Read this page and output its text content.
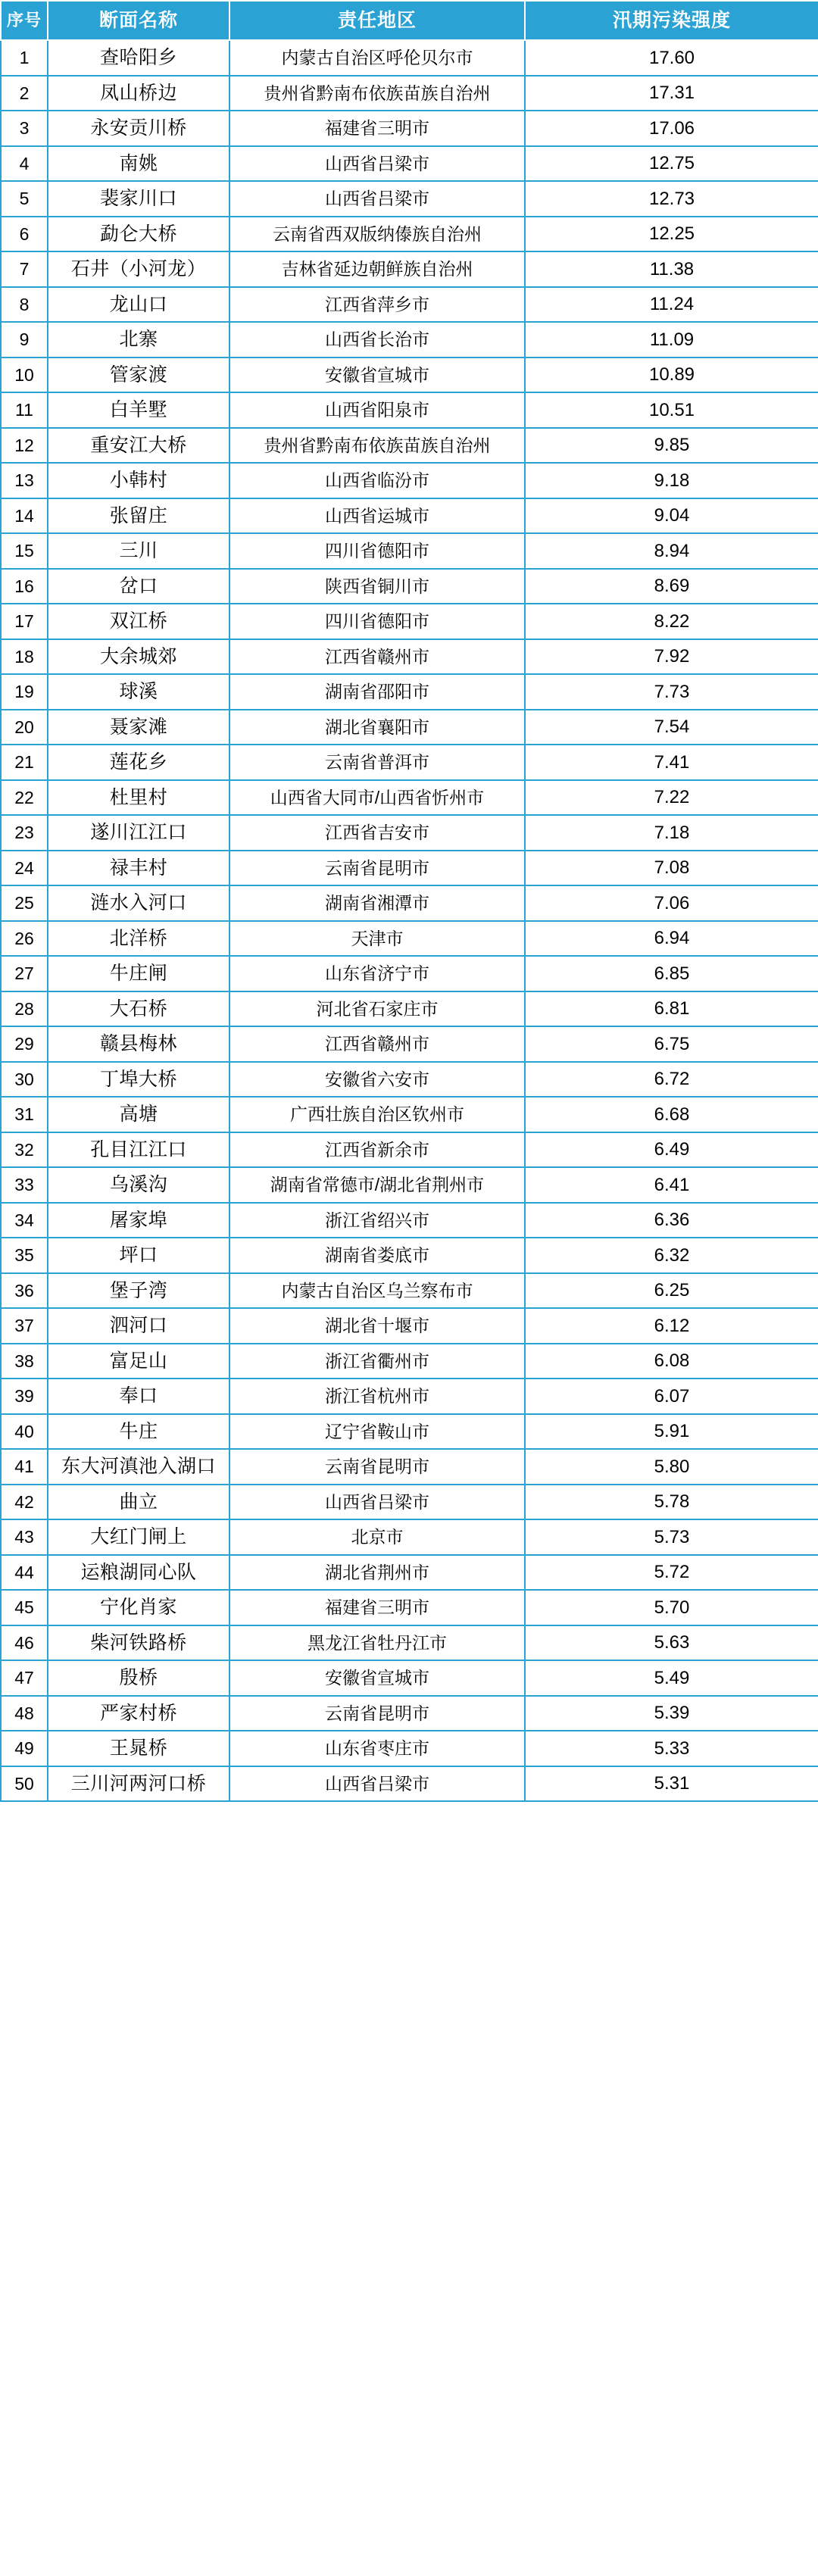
序号	断面名称	责任地区	汛期污染强度
1	查哈阳乡	内蒙古自治区呼伦贝尔市	17.60
2	凤山桥边	贵州省黔南布依族苗族自治州	17.31
3	永安贡川桥	福建省三明市	17.06
4	南姚	山西省吕梁市	12.75
5	裴家川口	山西省吕梁市	12.73
6	勐仑大桥	云南省西双版纳傣族自治州	12.25
7	石井（小河龙）	吉林省延边朝鲜族自治州	11.38
8	龙山口	江西省萍乡市	11.24
9	北寨	山西省长治市	11.09
10	管家渡	安徽省宣城市	10.89
11	白羊墅	山西省阳泉市	10.51
12	重安江大桥	贵州省黔南布依族苗族自治州	9.85
13	小韩村	山西省临汾市	9.18
14	张留庄	山西省运城市	9.04
15	三川	四川省德阳市	8.94
16	岔口	陕西省铜川市	8.69
17	双江桥	四川省德阳市	8.22
18	大余城郊	江西省赣州市	7.92
19	球溪	湖南省邵阳市	7.73
20	聂家滩	湖北省襄阳市	7.54
21	莲花乡	云南省普洱市	7.41
22	杜里村	山西省大同市/山西省忻州市	7.22
23	遂川江江口	江西省吉安市	7.18
24	禄丰村	云南省昆明市	7.08
25	涟水入河口	湖南省湘潭市	7.06
26	北洋桥	天津市	6.94
27	牛庄闸	山东省济宁市	6.85
28	大石桥	河北省石家庄市	6.81
29	赣县梅林	江西省赣州市	6.75
30	丁埠大桥	安徽省六安市	6.72
31	高塘	广西壮族自治区钦州市	6.68
32	孔目江江口	江西省新余市	6.49
33	乌溪沟	湖南省常德市/湖北省荆州市	6.41
34	屠家埠	浙江省绍兴市	6.36
35	坪口	湖南省娄底市	6.32
36	堡子湾	内蒙古自治区乌兰察布市	6.25
37	泗河口	湖北省十堰市	6.12
38	富足山	浙江省衢州市	6.08
39	奉口	浙江省杭州市	6.07
40	牛庄	辽宁省鞍山市	5.91
41	东大河滇池入湖口	云南省昆明市	5.80
42	曲立	山西省吕梁市	5.78
43	大红门闸上	北京市	5.73
44	运粮湖同心队	湖北省荆州市	5.72
45	宁化肖家	福建省三明市	5.70
46	柴河铁路桥	黑龙江省牡丹江市	5.63
47	殷桥	安徽省宣城市	5.49
48	严家村桥	云南省昆明市	5.39
49	王晁桥	山东省枣庄市	5.33
50	三川河两河口桥	山西省吕梁市	5.31
